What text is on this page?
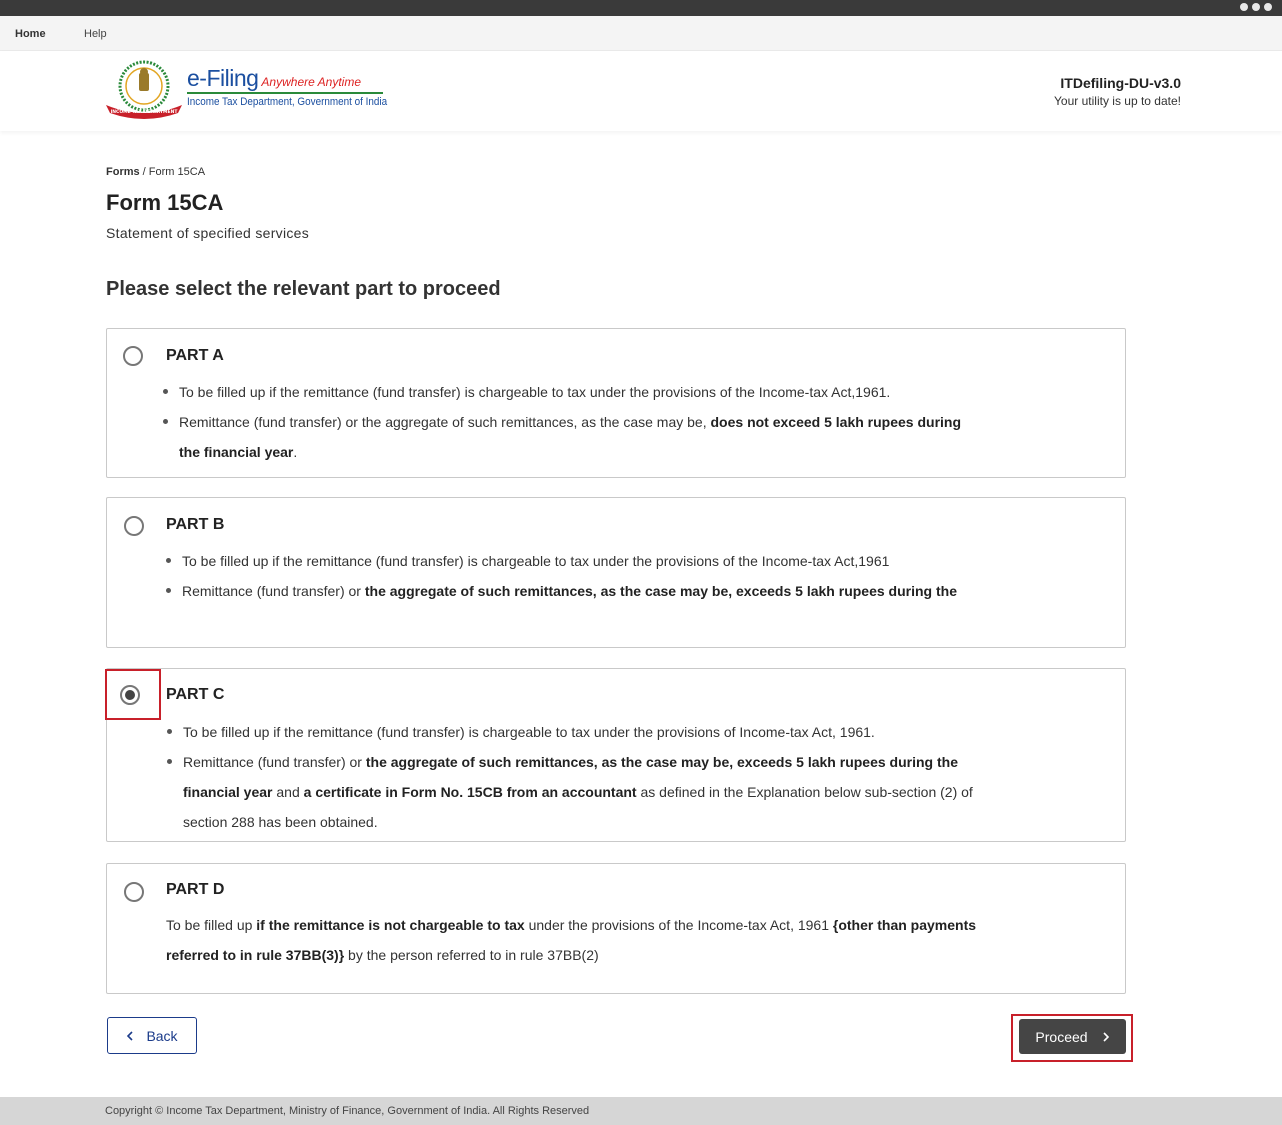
Home	Help
INCOME TAX DEPARTMENT
e-Filing Anywhere Anytime
Income Tax Department, Government of India
ITDefiling-DU-v3.0
Your utility is up to date!
Forms / Form 15CA
Form 15CA
Statement of specified services
Please select the relevant part to proceed
PART A
To be filled up if the remittance (fund transfer) is chargeable to tax under the provisions of the Income-tax Act,1961.
Remittance (fund transfer) or the aggregate of such remittances, as the case may be, does not exceed 5 lakh rupees during
the financial year.
PART B
To be filled up if the remittance (fund transfer) is chargeable to tax under the provisions of the Income-tax Act,1961
Remittance (fund transfer) or the aggregate of such remittances, as the case may be, exceeds 5 lakh rupees during the
PART C
To be filled up if the remittance (fund transfer) is chargeable to tax under the provisions of Income-tax Act, 1961.
Remittance (fund transfer) or the aggregate of such remittances, as the case may be, exceeds 5 lakh rupees during the
financial year and a certificate in Form No. 15CB from an accountant as defined in the Explanation below sub-section (2) of
section 288 has been obtained.
PART D
To be filled up if the remittance is not chargeable to tax under the provisions of the Income-tax Act, 1961 {other than payments
referred to in rule 37BB(3)} by the person referred to in rule 37BB(2)
Back	Proceed
Copyright © Income Tax Department, Ministry of Finance, Government of India. All Rights Reserved
